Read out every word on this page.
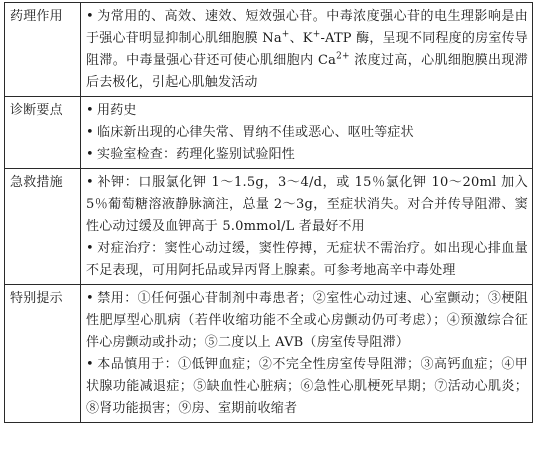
药理作用	• 为常用的、高效、速效、短效强心苷。中毒浓度强心苷的电生理影响是由于强心苷明显抑制心肌细胞膜 Na+、K+-ATP 酶，呈现不同程度的房室传导阻滞。中毒量强心苷还可使心肌细胞内 $Ca^{2+}$ 浓度过高，心肌细胞膜出现滞后去极化，引起心肌触发活动

诊断要点	• 用药史
• 临床新出现的心律失常、胃纳不佳或恶心、呕吐等症状
• 实验室检查：药理化鉴别试验阳性

急救措施	• 补钾：口服氯化钾 1～1.5g，3～4/d，或 15％氯化钾 10～20ml 加入 5％葡萄糖溶液静脉滴注，总量 2～3g，至症状消失。对合并传导阻滞、窦性心动过缓及血钾高于 5.0mmol/L 者最好不用
• 对症治疗：窦性心动过缓，窦性停搏，无症状不需治疗。如出现心排血量不足表现，可用阿托品或异丙肾上腺素。可参考地高辛中毒处理

特别提示	• 禁用：①任何强心苷制剂中毒患者；②室性心动过速、心室颤动；③梗阻性肥厚型心肌病（若伴收缩功能不全或心房颤动仍可考虑）；④预激综合征伴心房颤动或扑动；⑤二度以上 AVB（房室传导阻滞）
• 本品慎用于：①低钾血症；②不完全性房室传导阻滞；③高钙血症；④甲状腺功能减退症；⑤缺血性心脏病；⑥急性心肌梗死早期；⑦活动心肌炎；⑧肾功能损害；⑨房、室期前收缩者
